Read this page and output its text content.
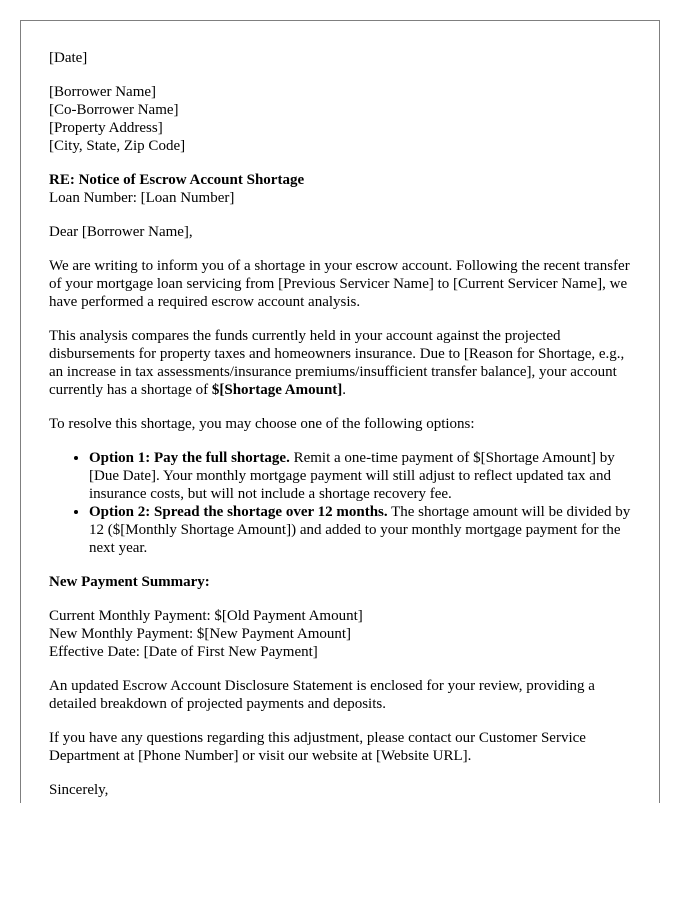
[Date]

[Borrower Name]
[Co-Borrower Name]
[Property Address]
[City, State, Zip Code]

RE: Notice of Escrow Account Shortage
Loan Number: [Loan Number]

Dear [Borrower Name],

We are writing to inform you of a shortage in your escrow account. Following the recent transfer of your mortgage loan servicing from [Previous Servicer Name] to [Current Servicer Name], we have performed a required escrow account analysis.

This analysis compares the funds currently held in your account against the projected disbursements for property taxes and homeowners insurance. Due to [Reason for Shortage, e.g., an increase in tax assessments/insurance premiums/insufficient transfer balance], your account currently has a shortage of $[Shortage Amount].

To resolve this shortage, you may choose one of the following options:

• Option 1: Pay the full shortage. Remit a one-time payment of $[Shortage Amount] by [Due Date]. Your monthly mortgage payment will still adjust to reflect updated tax and insurance costs, but will not include a shortage recovery fee.
• Option 2: Spread the shortage over 12 months. The shortage amount will be divided by 12 ($[Monthly Shortage Amount]) and added to your monthly mortgage payment for the next year.

New Payment Summary:

Current Monthly Payment: $[Old Payment Amount]
New Monthly Payment: $[New Payment Amount]
Effective Date: [Date of First New Payment]

An updated Escrow Account Disclosure Statement is enclosed for your review, providing a detailed breakdown of projected payments and deposits.

If you have any questions regarding this adjustment, please contact our Customer Service Department at [Phone Number] or visit our website at [Website URL].

Sincerely,
